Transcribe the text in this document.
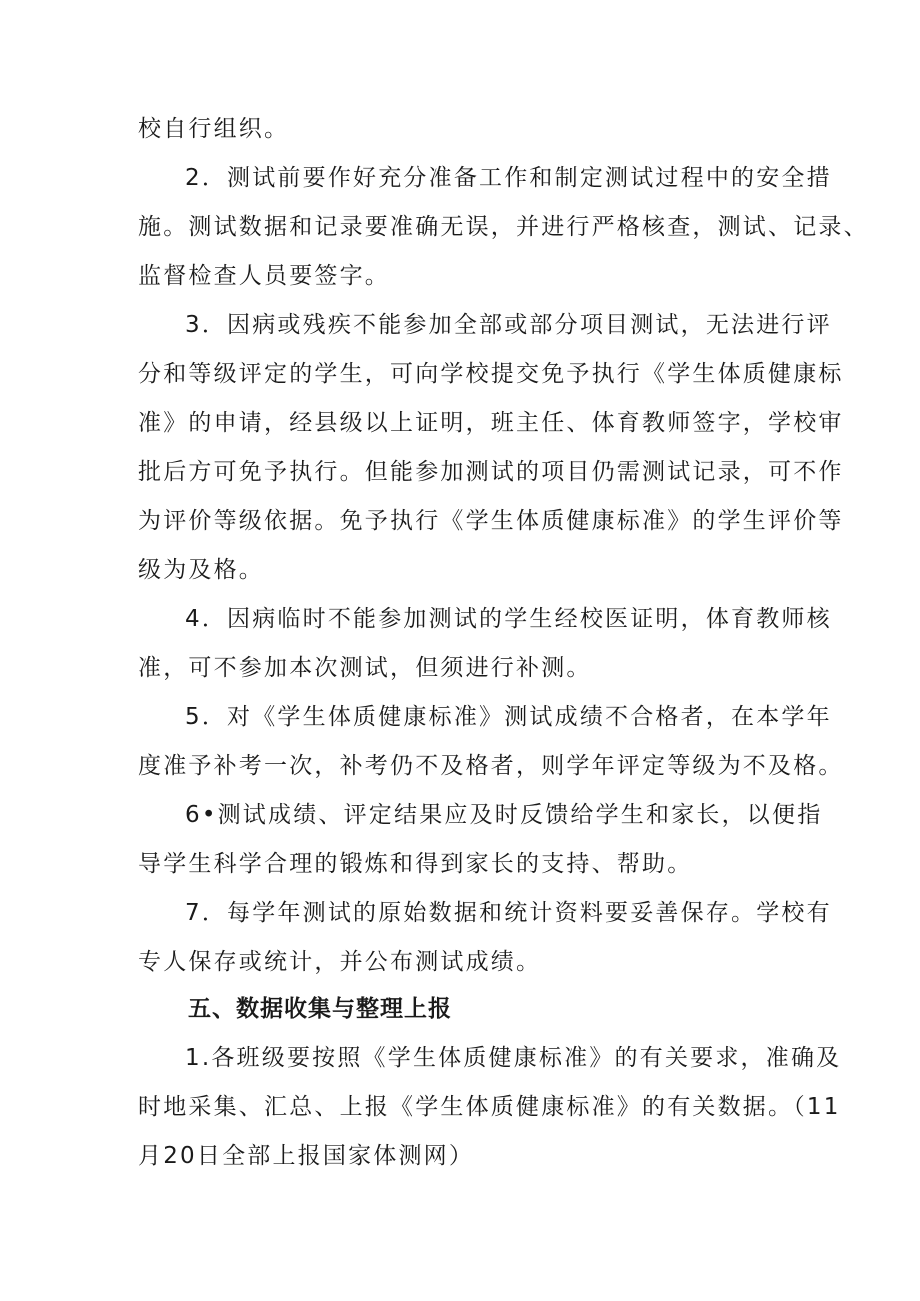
校自行组织。
2．测试前要作好充分准备工作和制定测试过程中的安全措
施。测试数据和记录要准确无误，并进行严格核查，测试、记录、
监督检查人员要签字。
3．因病或残疾不能参加全部或部分项目测试，无法进行评
分和等级评定的学生，可向学校提交免予执行《学生体质健康标
准》的申请，经县级以上证明，班主任、体育教师签字，学校审
批后方可免予执行。但能参加测试的项目仍需测试记录，可不作
为评价等级依据。免予执行《学生体质健康标准》的学生评价等
级为及格。
4．因病临时不能参加测试的学生经校医证明，体育教师核
准，可不参加本次测试，但须进行补测。
5．对《学生体质健康标准》测试成绩不合格者，在本学年
度准予补考一次，补考仍不及格者，则学年评定等级为不及格。
6•测试成绩、评定结果应及时反馈给学生和家长，以便指
导学生科学合理的锻炼和得到家长的支持、帮助。
7．每学年测试的原始数据和统计资料要妥善保存。学校有
专人保存或统计，并公布测试成绩。
五、数据收集与整理上报
1.各班级要按照《学生体质健康标准》的有关要求，准确及
时地采集、汇总、上报《学生体质健康标准》的有关数据。（11
月20日全部上报国家体测网）
